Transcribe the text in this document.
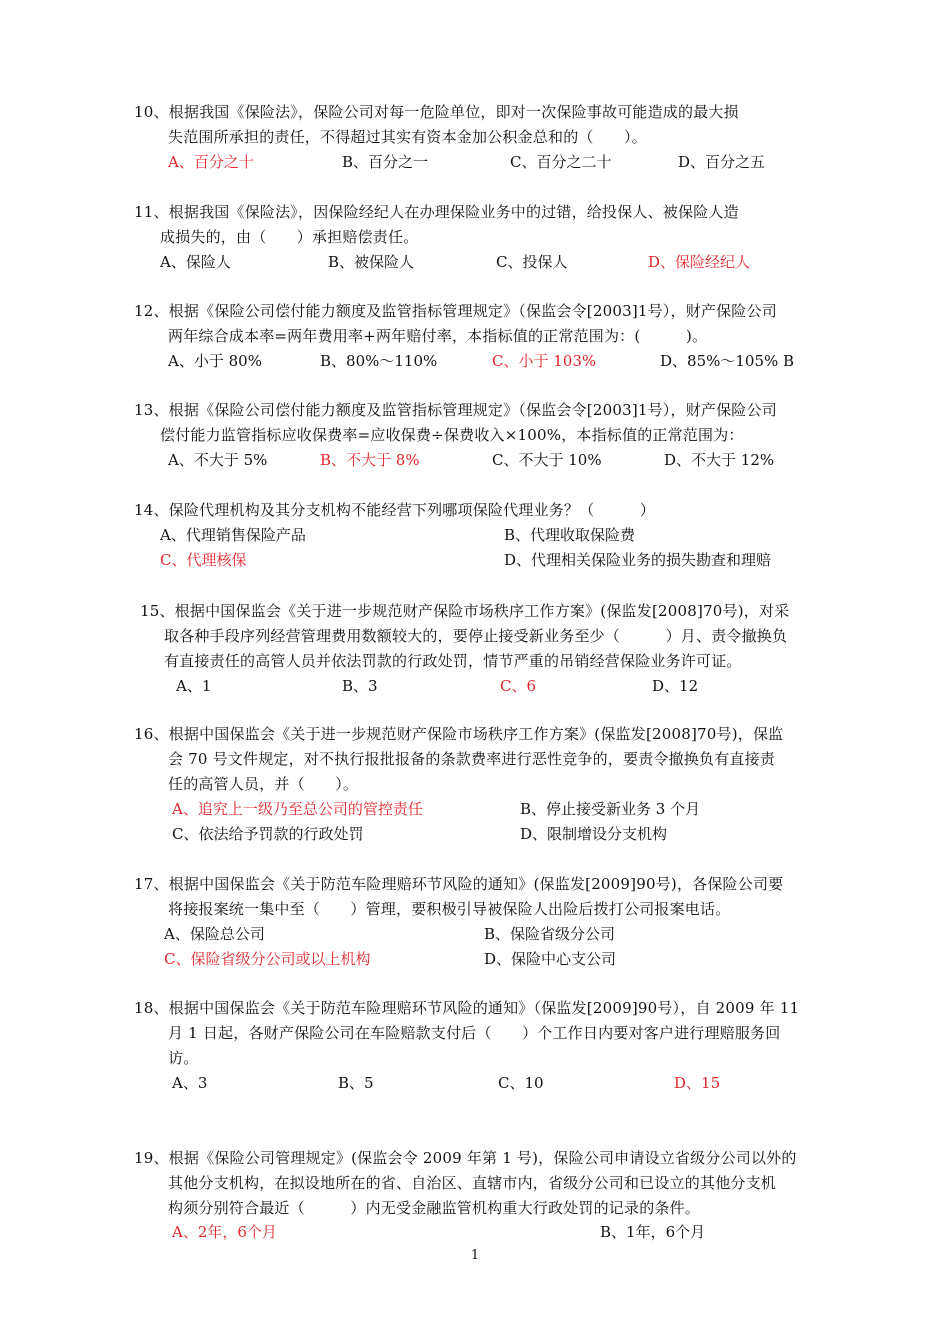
10、根据我国《保险法》，保险公司对每一危险单位，即对一次保险事故可能造成的最大损
失范围所承担的责任，不得超过其实有资本金加公积金总和的（　　）。
A、百分之十	B、百分之一	C、百分之二十	D、百分之五
11、根据我国《保险法》，因保险经纪人在办理保险业务中的过错，给投保人、被保险人造
成损失的，由（　　）承担赔偿责任。
A、保险人	B、被保险人	C、投保人	D、保险经纪人
12、根据《保险公司偿付能力额度及监管指标管理规定》（保监会令[2003]1号），财产保险公司
两年综合成本率=两年费用率+两年赔付率，本指标值的正常范围为：(　　　)。
A、小于 80%	B、80%～110%	C、小于 103%	D、85%～105% B
13、根据《保险公司偿付能力额度及监管指标管理规定》（保监会令[2003]1号），财产保险公司
偿付能力监管指标应收保费率=应收保费÷保费收入×100%，本指标值的正常范围为：
A、不大于 5%	B、不大于 8%	C、不大于 10%	D、不大于 12%
14、保险代理机构及其分支机构不能经营下列哪项保险代理业务？（　　　）
A、代理销售保险产品	B、代理收取保险费
C、代理核保	D、代理相关保险业务的损失勘查和理赔
15、根据中国保监会《关于进一步规范财产保险市场秩序工作方案》(保监发[2008]70号)，对采
取各种手段序列经营管理费用数额较大的，要停止接受新业务至少（　　　）月、责令撤换负
有直接责任的高管人员并依法罚款的行政处罚，情节严重的吊销经营保险业务许可证。
A、1	B、3	C、6	D、12
16、根据中国保监会《关于进一步规范财产保险市场秩序工作方案》(保监发[2008]70号)，保监
会 70 号文件规定，对不执行报批报备的条款费率进行恶性竞争的，要责令撤换负有直接责
任的高管人员，并（　　）。
A、追究上一级乃至总公司的管控责任	B、停止接受新业务 3 个月
C、依法给予罚款的行政处罚	D、限制增设分支机构
17、根据中国保监会《关于防范车险理赔环节风险的通知》(保监发[2009]90号)，各保险公司要
将接报案统一集中至（　　）管理，要积极引导被保险人出险后拨打公司报案电话。
A、保险总公司	B、保险省级分公司
C、保险省级分公司或以上机构	D、保险中心支公司
18、根据中国保监会《关于防范车险理赔环节风险的通知》（保监发[2009]90号），自 2009 年 11
月 1 日起，各财产保险公司在车险赔款支付后（　　）个工作日内要对客户进行理赔服务回
访。
A、3	B、5	C、10	D、15
19、根据《保险公司管理规定》(保监会令 2009 年第 1 号)，保险公司申请设立省级分公司以外的
其他分支机构，在拟设地所在的省、自治区、直辖市内，省级分公司和已设立的其他分支机
构须分别符合最近（　　　）内无受金融监管机构重大行政处罚的记录的条件。
A、2年，6个月	B、1年，6个月
1
